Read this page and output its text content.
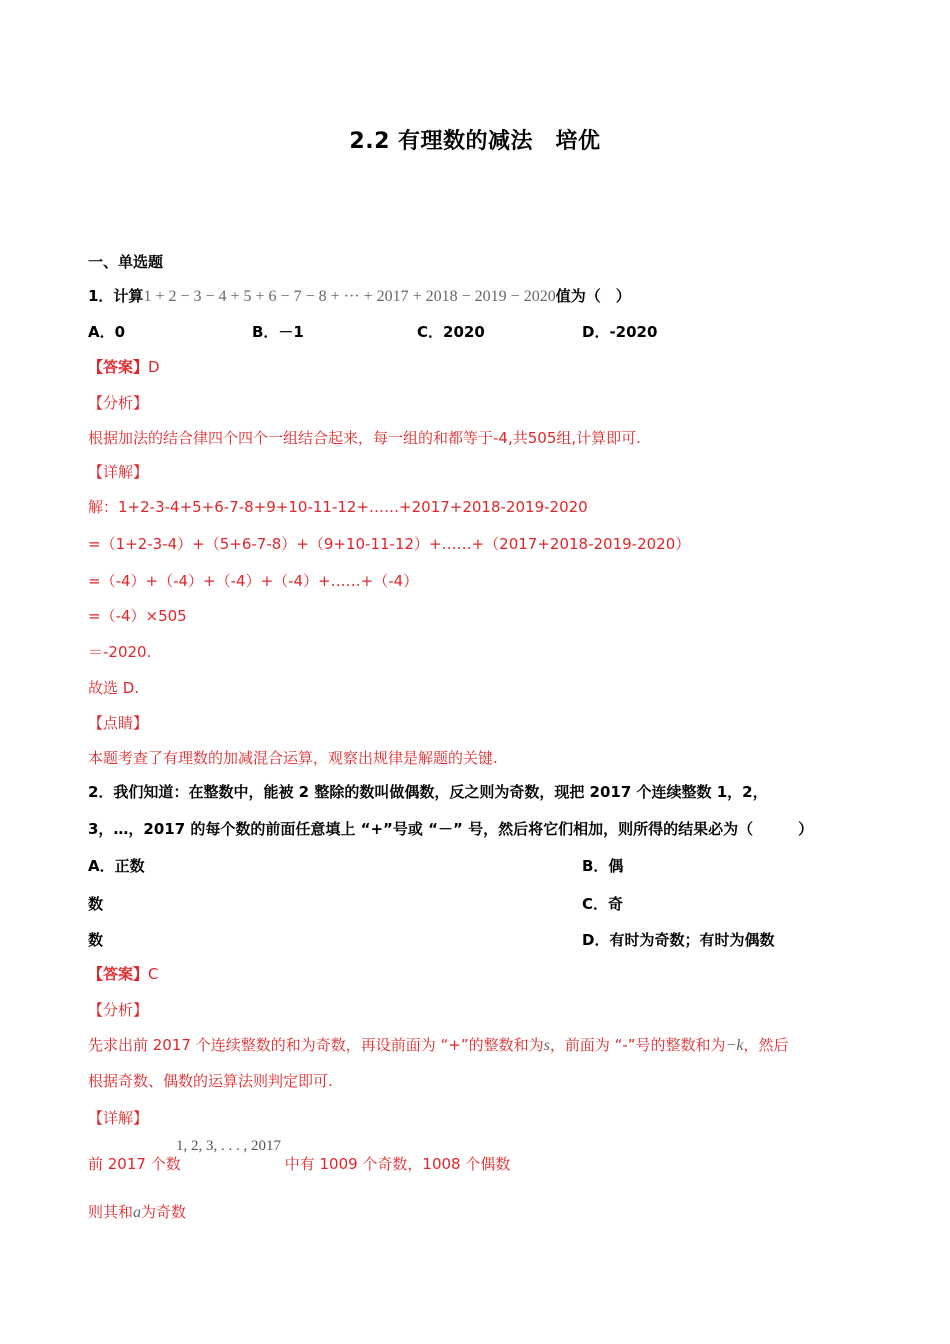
2.2 有理数的减法　培优
一、单选题
1．计算1 + 2 − 3 − 4 + 5 + 6 − 7 − 8 + ··· + 2017 + 2018 − 2019 − 2020值为（　）
A．0	B．－1	C．2020	D．-2020
【答案】D
【分析】
根据加法的结合律四个四个一组结合起来，每一组的和都等于-4,共505组,计算即可.
【详解】
解：1+2-3-4+5+6-7-8+9+10-11-12+……+2017+2018-2019-2020
=（1+2-3-4）+（5+6-7-8）+（9+10-11-12）+……+（2017+2018-2019-2020）
=（-4）+（-4）+（-4）+（-4）+……+（-4）
=（-4）×505
＝-2020.
故选 D.
【点睛】
本题考查了有理数的加减混合运算，观察出规律是解题的关键.
2．我们知道：在整数中，能被 2 整除的数叫做偶数，反之则为奇数，现把 2017 个连续整数 1，2，
3，…，2017 的每个数的前面任意填上 “+”号或 “－” 号，然后将它们相加，则所得的结果必为（　　　）
A．正数	B．偶
数	C．奇
数	D．有时为奇数；有时为偶数
【答案】C
【分析】
先求出前 2017 个连续整数的和为奇数，再设前面为 “+”的整数和为s，前面为 “-”号的整数和为−k，然后
根据奇数、偶数的运算法则判定即可.
【详解】
1, 2, 3, . . . , 2017
前 2017 个数	中有 1009 个奇数，1008 个偶数
则其和a为奇数
